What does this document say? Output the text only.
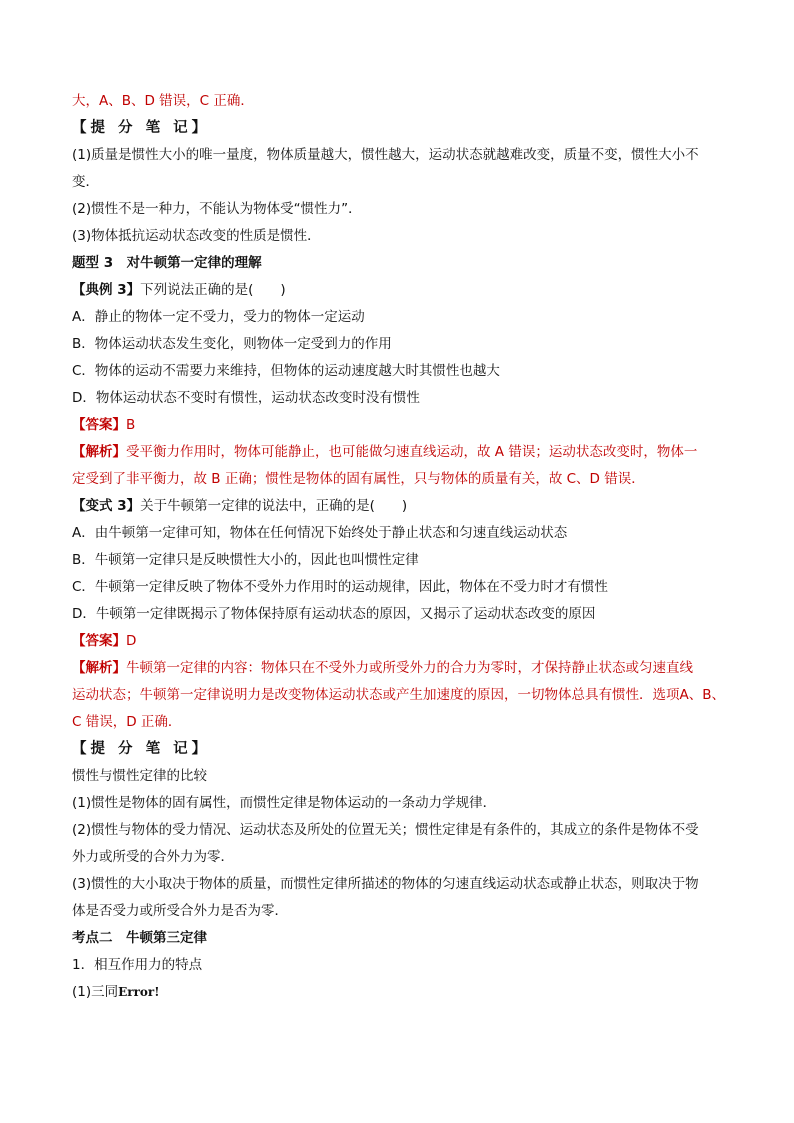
大，A、B、D 错误，C 正确．
【提 分 笔 记】
(1)质量是惯性大小的唯一量度，物体质量越大，惯性越大，运动状态就越难改变，质量不变，惯性大小不
变．
(2)惯性不是一种力，不能认为物体受“惯性力”．
(3)物体抵抗运动状态改变的性质是惯性．
题型 3　对牛顿第一定律的理解
【典例 3】下列说法正确的是(　　)
A．静止的物体一定不受力，受力的物体一定运动
B．物体运动状态发生变化，则物体一定受到力的作用
C．物体的运动不需要力来维持，但物体的运动速度越大时其惯性也越大
D．物体运动状态不变时有惯性，运动状态改变时没有惯性
【答案】B
【解析】受平衡力作用时，物体可能静止，也可能做匀速直线运动，故 A 错误；运动状态改变时，物体一
定受到了非平衡力，故 B 正确；惯性是物体的固有属性，只与物体的质量有关，故 C、D 错误．
【变式 3】关于牛顿第一定律的说法中，正确的是(　　)
A．由牛顿第一定律可知，物体在任何情况下始终处于静止状态和匀速直线运动状态
B．牛顿第一定律只是反映惯性大小的，因此也叫惯性定律
C．牛顿第一定律反映了物体不受外力作用时的运动规律，因此，物体在不受力时才有惯性
D．牛顿第一定律既揭示了物体保持原有运动状态的原因，又揭示了运动状态改变的原因
【答案】D
【解析】牛顿第一定律的内容：物体只在不受外力或所受外力的合力为零时，才保持静止状态或匀速直线
运动状态；牛顿第一定律说明力是改变物体运动状态或产生加速度的原因，一切物体总具有惯性．选项A、B、
C 错误，D 正确．
【提 分 笔 记】
惯性与惯性定律的比较
(1)惯性是物体的固有属性，而惯性定律是物体运动的一条动力学规律．
(2)惯性与物体的受力情况、运动状态及所处的位置无关；惯性定律是有条件的，其成立的条件是物体不受
外力或所受的合外力为零．
(3)惯性的大小取决于物体的质量，而惯性定律所描述的物体的匀速直线运动状态或静止状态，则取决于物
体是否受力或所受合外力是否为零．
考点二　牛顿第三定律
1．相互作用力的特点
(1)三同Error!
